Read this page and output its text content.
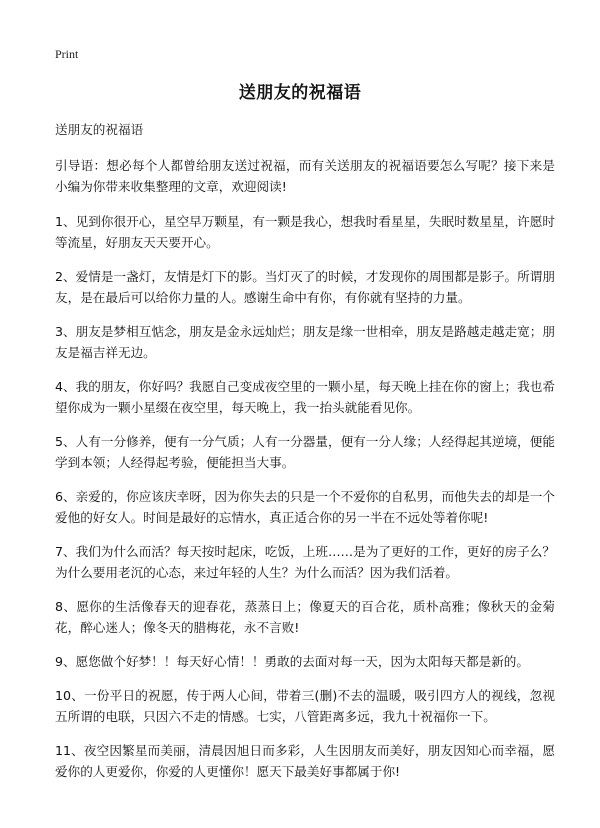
Print
送朋友的祝福语

送朋友的祝福语

引导语：想必每个人都曾给朋友送过祝福，而有关送朋友的祝福语要怎么写呢？接下来是小编为你带来收集整理的文章，欢迎阅读!

1、见到你很开心，星空早万颗星，有一颗是我心，想我时看星星，失眠时数星星，许愿时等流星，好朋友天天要开心。

2、爱情是一盏灯，友情是灯下的影。当灯灭了的时候，才发现你的周围都是影子。所谓朋友，是在最后可以给你力量的人。感谢生命中有你，有你就有坚持的力量。

3、朋友是梦相互惦念，朋友是金永远灿烂；朋友是缘一世相牵，朋友是路越走越走宽；朋友是福吉祥无边。

4、我的朋友，你好吗？我愿自己变成夜空里的一颗小星，每天晚上挂在你的窗上；我也希望你成为一颗小星缀在夜空里，每天晚上，我一抬头就能看见你。

5、人有一分修养，便有一分气质；人有一分器量，便有一分人缘；人经得起其逆境，便能学到本领；人经得起考验，便能担当大事。

6、亲爱的，你应该庆幸呀，因为你失去的只是一个不爱你的自私男，而他失去的却是一个爱他的好女人。时间是最好的忘情水，真正适合你的另一半在不远处等着你呢!

7、我们为什么而活？每天按时起床，吃饭，上班……是为了更好的工作，更好的房子么？为什么要用老沉的心态，来过年轻的人生？为什么而活？因为我们活着。

8、愿你的生活像春天的迎春花，蒸蒸日上；像夏天的百合花，质朴高雅；像秋天的金菊花，醉心迷人；像冬天的腊梅花，永不言败!

9、愿您做个好梦！！每天好心情！！勇敢的去面对每一天，因为太阳每天都是新的。

10、一份平日的祝愿，传于两人心间，带着三(删)不去的温暖，吸引四方人的视线，忽视五所谓的电联，只因六不走的情感。七实，八管距离多远，我九十祝福你一下。

11、夜空因繁星而美丽，清晨因旭日而多彩，人生因朋友而美好，朋友因知心而幸福，愿爱你的人更爱你，你爱的人更懂你！愿天下最美好事都属于你!
